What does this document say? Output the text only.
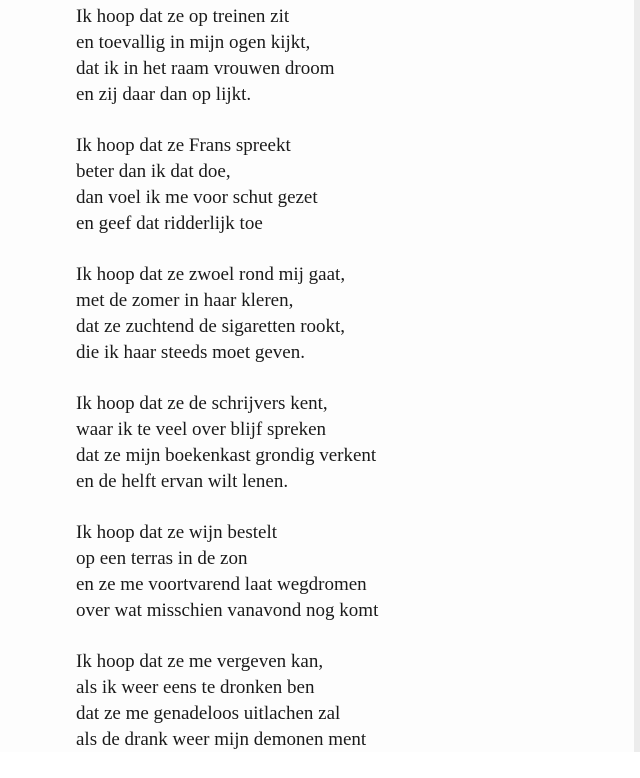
Ik hoop dat ze op treinen zit
en toevallig in mijn ogen kijkt,
dat ik in het raam vrouwen droom
en zij daar dan op lijkt.
Ik hoop dat ze Frans spreekt
beter dan ik dat doe,
dan voel ik me voor schut gezet
en geef dat ridderlijk toe
Ik hoop dat ze zwoel rond mij gaat,
met de zomer in haar kleren,
dat ze zuchtend de sigaretten rookt,
die ik haar steeds moet geven.
Ik hoop dat ze de schrijvers kent,
waar ik te veel over blijf spreken
dat ze mijn boekenkast grondig verkent
en de helft ervan wilt lenen.
Ik hoop dat ze wijn bestelt
op een terras in de zon
en ze me voortvarend laat wegdromen
over wat misschien vanavond nog komt
Ik hoop dat ze me vergeven kan,
als ik weer eens te dronken ben
dat ze me genadeloos uitlachen zal
als de drank weer mijn demonen ment
